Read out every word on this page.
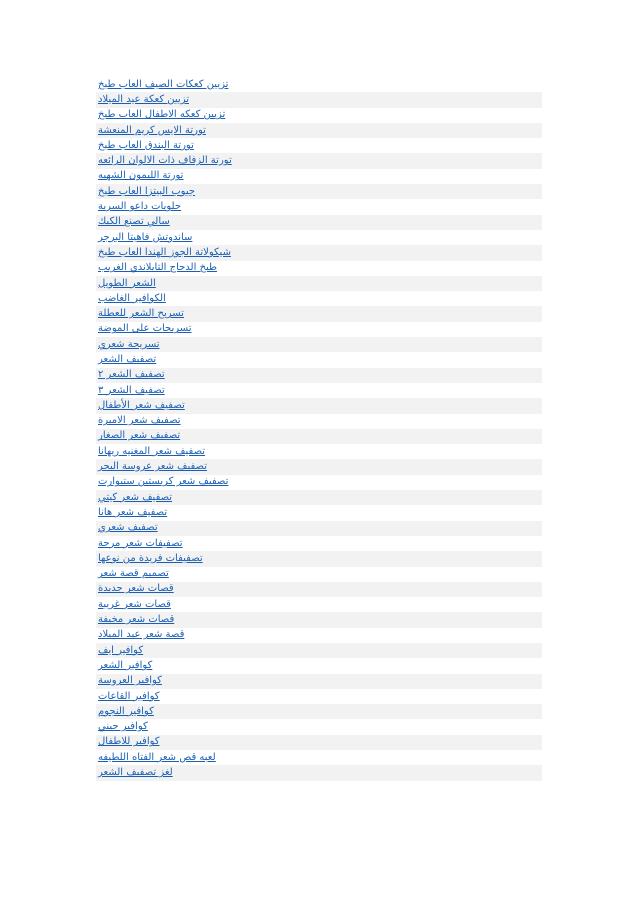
تزيين كعكات الصيف العاب طبخ
تزيين كعكة عيد الميلاد
تزيين كعكه الاطفال العاب طبخ
تورتة الايس كريم المنعشة
تورتة البندق العاب طبخ
تورتة الزفاف ذات الالوان الرائعه
تورتة الليمون الشهيه
جيوب البيتزا العاب طبخ
حلويات داعو السرية
سالي تصنع الكيك
ساندوتش فاهيتا البرجر
شيكولاتة الجوز الهندا العاب طبخ
طبخ الدجاج التايلاندي الغريب
الشعر الطويل
الكوافير الغاضب
تسريح الشعر للعطلة
تسريحات على الموضة
تسريحة شعري
تصفيف الشعر
تصفيف الشعر ٢
تصفيف الشعر ٣
تصفيف شعر الأطفال
تصفيف شعر الاميرة
تصفيف شعر الصغار
تصفيف شعر المغنيه ريهانا
تصفيف شعر عروسة البحر
تصفيف شعر كريستين ستيوارت
تصفيف شعر كيتي
تصفيف شعر هانا
تصفيف شعري
تصفيفات شعر مرحة
تصفيفات فريدة من نوعها
تصميم قصة شعر
قصات شعر جديدة
قصات شعر غريبة
قصات شعر مخيفة
قصة شعر عيد الميلاد
كوافير ايف
كوافير الشعر
كوافير العروسة
كوافير القاعات
كوافير النجوم
كوافير جيني
كوافير للاطفال
لعبه قص شعر الفتاه اللطيفه
لغز تصفيف الشعر
